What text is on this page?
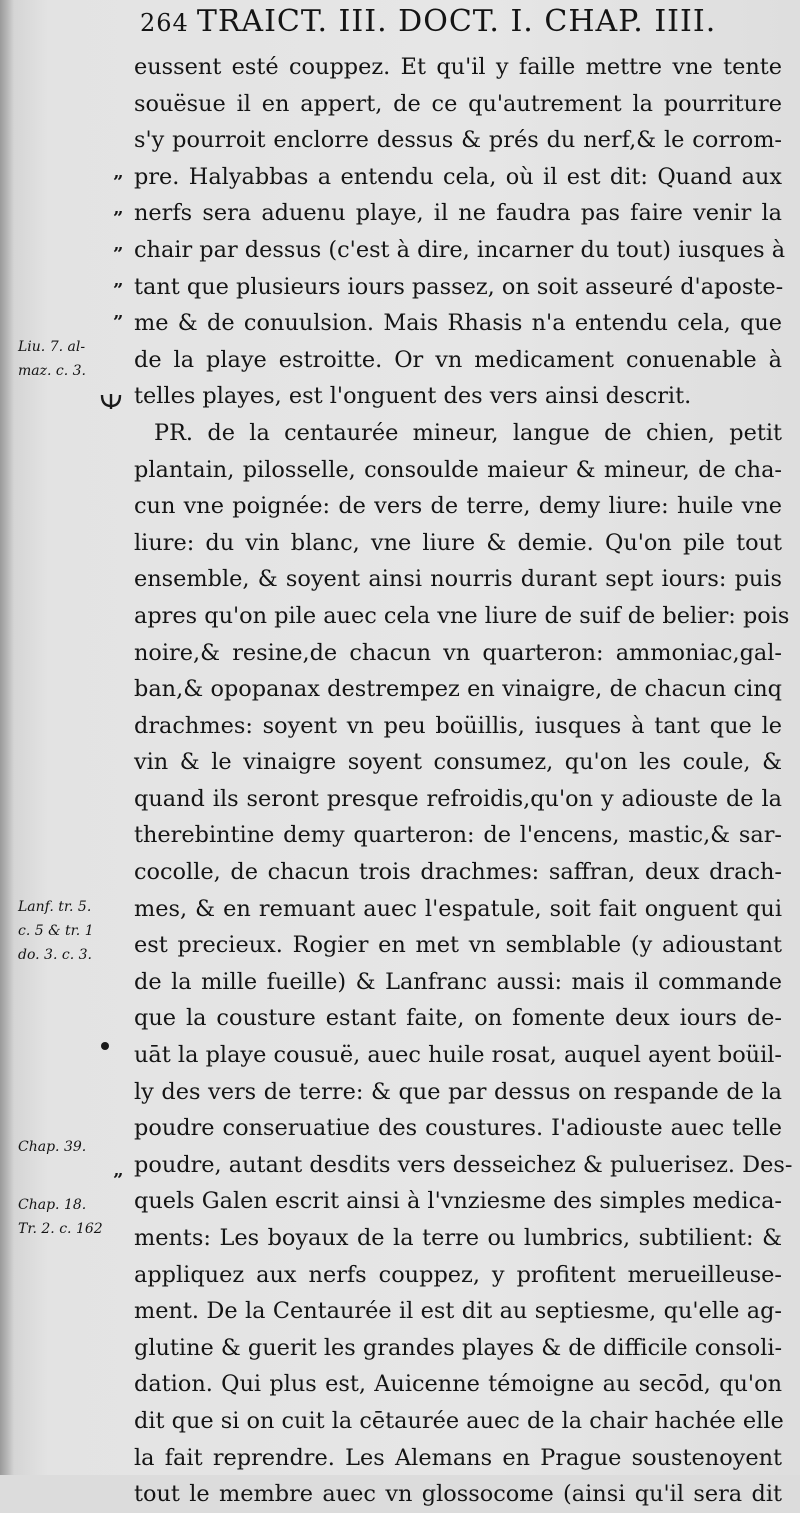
264 TRAICT. III. DOCT. I. CHAP. IIII.
”
”
”
”
”
”
Liu. 7. al-
maz. c. 3.
Lanf. tr. 5.
c. 5 & tr. 1
do. 3. c. 3.
Chap. 39.
Chap. 18.
Tr. 2. c. 162
eussent esté couppez. Et qu'il y faille mettre vne tente
souësue il en appert, de ce qu'autrement la pourriture
s'y pourroit enclorre dessus & prés du nerf,& le corrom-
pre. Halyabbas a entendu cela, où il est dit: Quand aux
nerfs sera aduenu playe, il ne faudra pas faire venir la
chair par dessus (c'est à dire, incarner du tout) iusques à
tant que plusieurs iours passez, on soit asseuré d'aposte-
me & de conuulsion. Mais Rhasis n'a entendu cela, que
de la playe estroitte. Or vn medicament conuenable à
telles playes, est l'onguent des vers ainsi descrit.
PR. de la centaurée mineur, langue de chien, petit
plantain, pilosselle, consoulde maieur & mineur, de cha-
cun vne poignée: de vers de terre, demy liure: huile vne
liure: du vin blanc, vne liure & demie. Qu'on pile tout
ensemble, & soyent ainsi nourris durant sept iours: puis
apres qu'on pile auec cela vne liure de suif de belier: pois
noire,& resine,de chacun vn quarteron: ammoniac,gal-
ban,& opopanax destrempez en vinaigre, de chacun cinq
drachmes: soyent vn peu boüillis, iusques à tant que le
vin & le vinaigre soyent consumez, qu'on les coule, &
quand ils seront presque refroidis,qu'on y adiouste de la
therebintine demy quarteron: de l'encens, mastic,& sar-
cocolle, de chacun trois drachmes: saffran, deux drach-
mes, & en remuant auec l'espatule, soit fait onguent qui
est precieux. Rogier en met vn semblable (y adioustant
de la mille fueille) & Lanfranc aussi: mais il commande
que la cousture estant faite, on fomente deux iours de-
uāt la playe cousuë, auec huile rosat, auquel ayent boüil-
ly des vers de terre: & que par dessus on respande de la
poudre conseruatiue des coustures. I'adiouste auec telle
poudre, autant desdits vers desseichez & puluerisez. Des-
quels Galen escrit ainsi à l'vnziesme des simples medica-
ments: Les boyaux de la terre ou lumbrics, subtilient: &
appliquez aux nerfs couppez, y profitent merueilleuse-
ment. De la Centaurée il est dit au septiesme, qu'elle ag-
glutine & guerit les grandes playes & de difficile consoli-
dation. Qui plus est, Auicenne témoigne au secōd, qu'on
dit que si on cuit la cētaurée auec de la chair hachée elle
la fait reprendre. Les Alemans en Prague soustenoyent
tout le membre auec vn glossocome (ainsi qu'il sera dit
